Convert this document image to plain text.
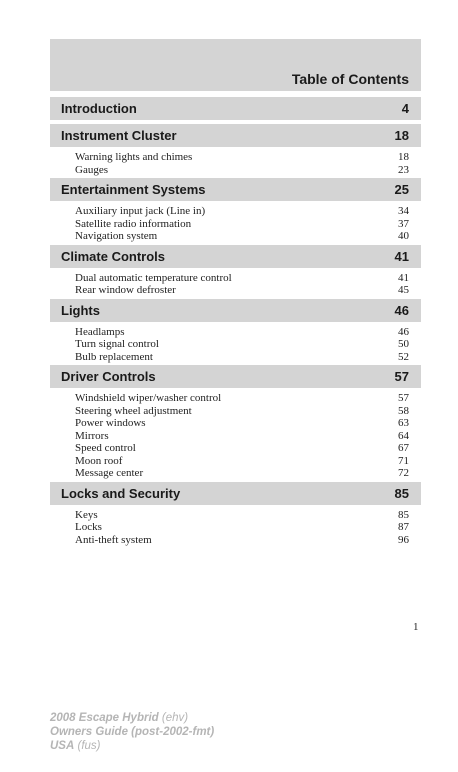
Table of Contents
Introduction	4
Instrument Cluster	18
Warning lights and chimes	18
Gauges	23
Entertainment Systems	25
Auxiliary input jack (Line in)	34
Satellite radio information	37
Navigation system	40
Climate Controls	41
Dual automatic temperature control	41
Rear window defroster	45
Lights	46
Headlamps	46
Turn signal control	50
Bulb replacement	52
Driver Controls	57
Windshield wiper/washer control	57
Steering wheel adjustment	58
Power windows	63
Mirrors	64
Speed control	67
Moon roof	71
Message center	72
Locks and Security	85
Keys	85
Locks	87
Anti-theft system	96
1
2008 Escape Hybrid (ehv)
Owners Guide (post-2002-fmt)
USA (fus)
